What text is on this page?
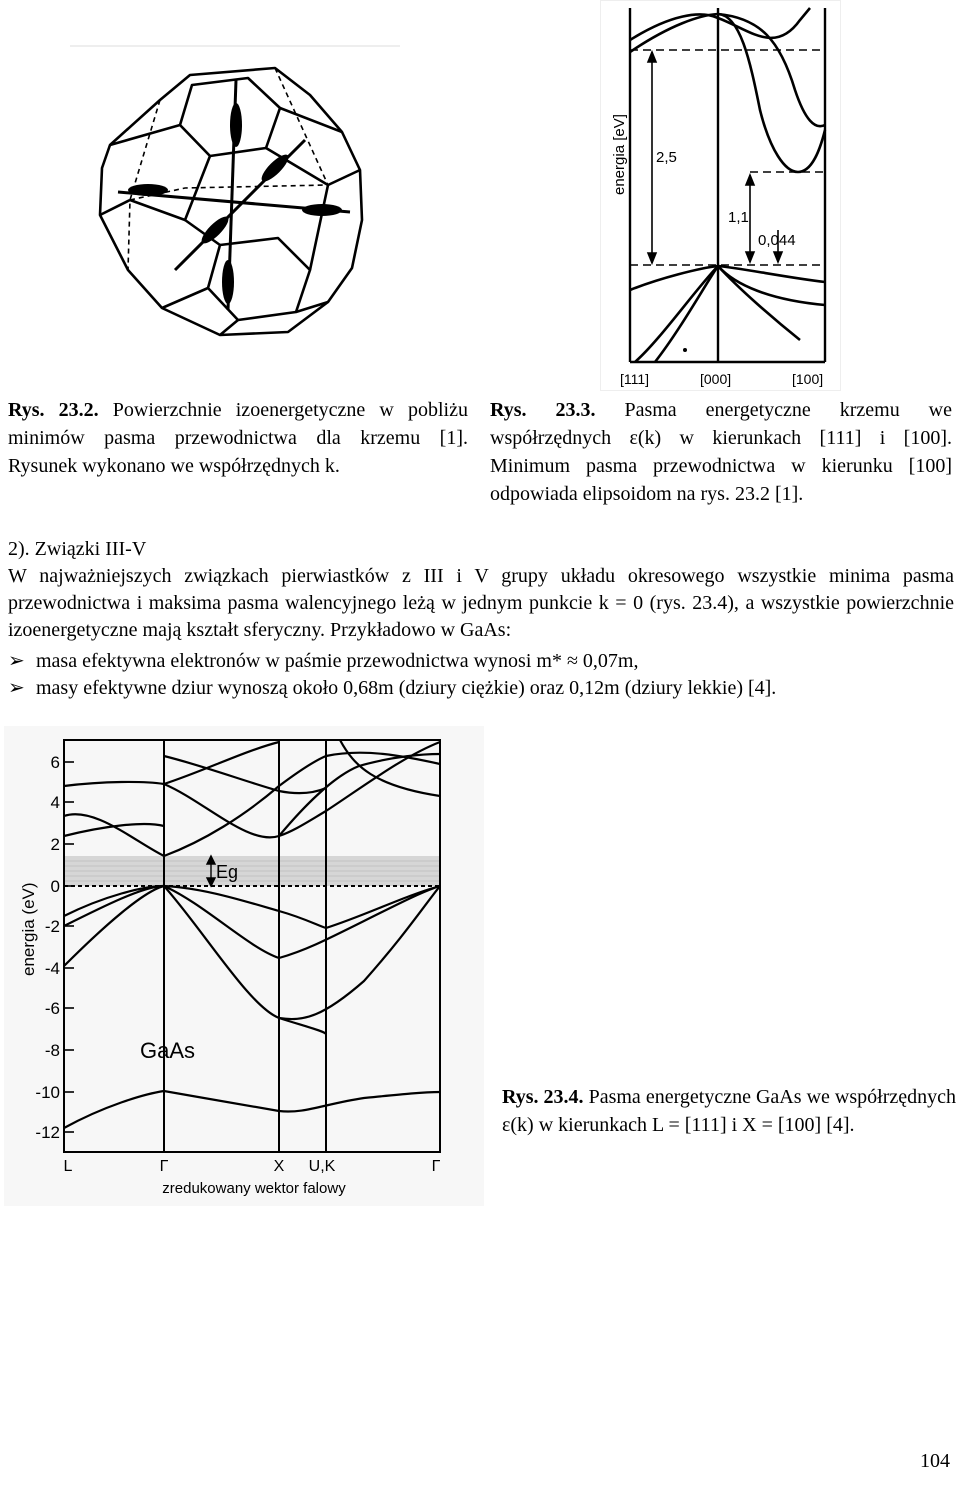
energia [eV] 2,5
1,1
0,044
[111]	[000]	[100]
Rys. 23.2. Powierzchnie izoenergetyczne w pobliżu minimów pasma przewodnictwa dla krzemu [1]. Rysunek wykonano we współrzędnych k.
Rys. 23.3. Pasma energetyczne krzemu we współrzędnych ε(k) w kierunkach [111] i [100]. Minimum pasma przewodnictwa w kierunku [100] odpowiada elipsoidom na rys. 23.2 [1].
2). Związki III-V
W najważniejszych związkach pierwiastków z III i V grupy układu okresowego wszystkie minima pasma przewodnictwa i maksima pasma walencyjnego leżą w jednym punkcie k = 0 (rys. 23.4), a wszystkie powierzchnie izoenergetyczne mają kształt sferyczny. Przykładowo w GaAs:
➢ masa efektywna elektronów w paśmie przewodnictwa wynosi m* ≈ 0,07m,
➢ masy efektywne dziur wynoszą około 0,68m (dziury ciężkie) oraz 0,12m (dziury lekkie) [4].
6
4
2
0
-2
-4
-6
-8
-10
-12
Eg
GaAs
energia (eV)
L	Γ	X U,K	Γ
zredukowany wektor falowy
Rys. 23.4. Pasma energetyczne GaAs we współrzędnych ε(k) w kierunkach L = [111] i X = [100] [4].
104
